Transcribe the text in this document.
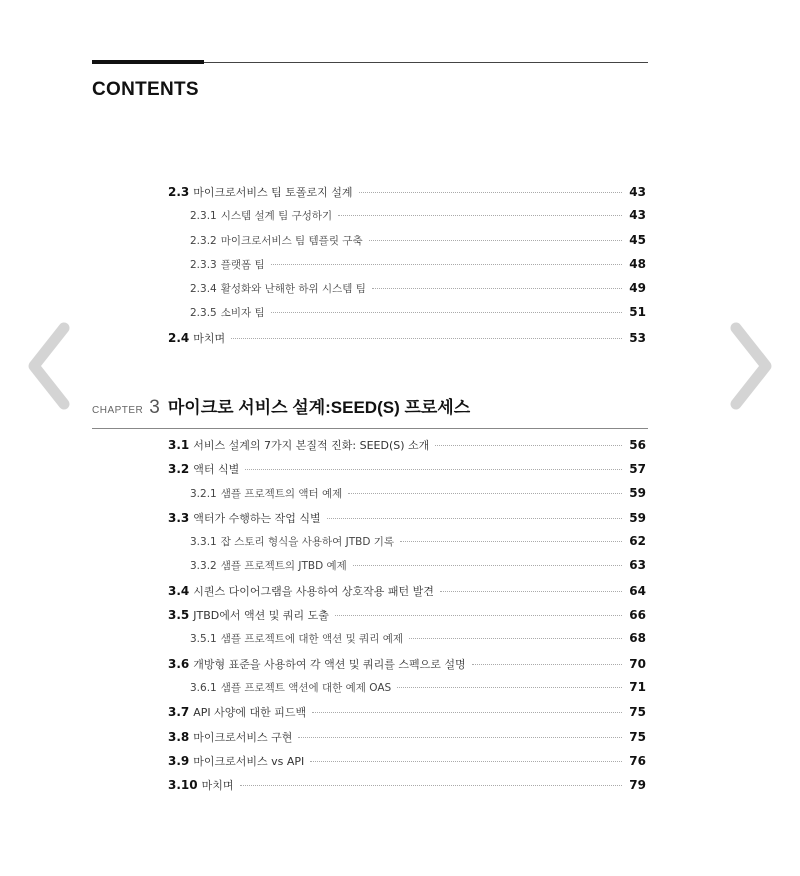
CONTENTS
2.3 마이크로서비스 팀 토폴로지 설계	43
2.3.1 시스템 설계 팀 구성하기	43
2.3.2 마이크로서비스 팀 템플릿 구축	45
2.3.3 플랫폼 팀	48
2.3.4 활성화와 난해한 하위 시스템 팀	49
2.3.5 소비자 팀	51
2.4 마치며	53
CHAPTER 3 마이크로 서비스 설계:SEED(S) 프로세스
3.1 서비스 설계의 7가지 본질적 진화: SEED(S) 소개	56
3.2 액터 식별	57
3.2.1 샘플 프로젝트의 액터 예제	59
3.3 액터가 수행하는 작업 식별	59
3.3.1 잡 스토리 형식을 사용하여 JTBD 기록	62
3.3.2 샘플 프로젝트의 JTBD 예제	63
3.4 시퀀스 다이어그램을 사용하여 상호작용 패턴 발견	64
3.5 JTBD에서 액션 및 쿼리 도출	66
3.5.1 샘플 프로젝트에 대한 액션 및 쿼리 예제	68
3.6 개방형 표준을 사용하여 각 액션 및 쿼리를 스펙으로 설명	70
3.6.1 샘플 프로젝트 액션에 대한 예제 OAS	71
3.7 API 사양에 대한 피드백	75
3.8 마이크로서비스 구현	75
3.9 마이크로서비스 vs API	76
3.10 마치며	79
